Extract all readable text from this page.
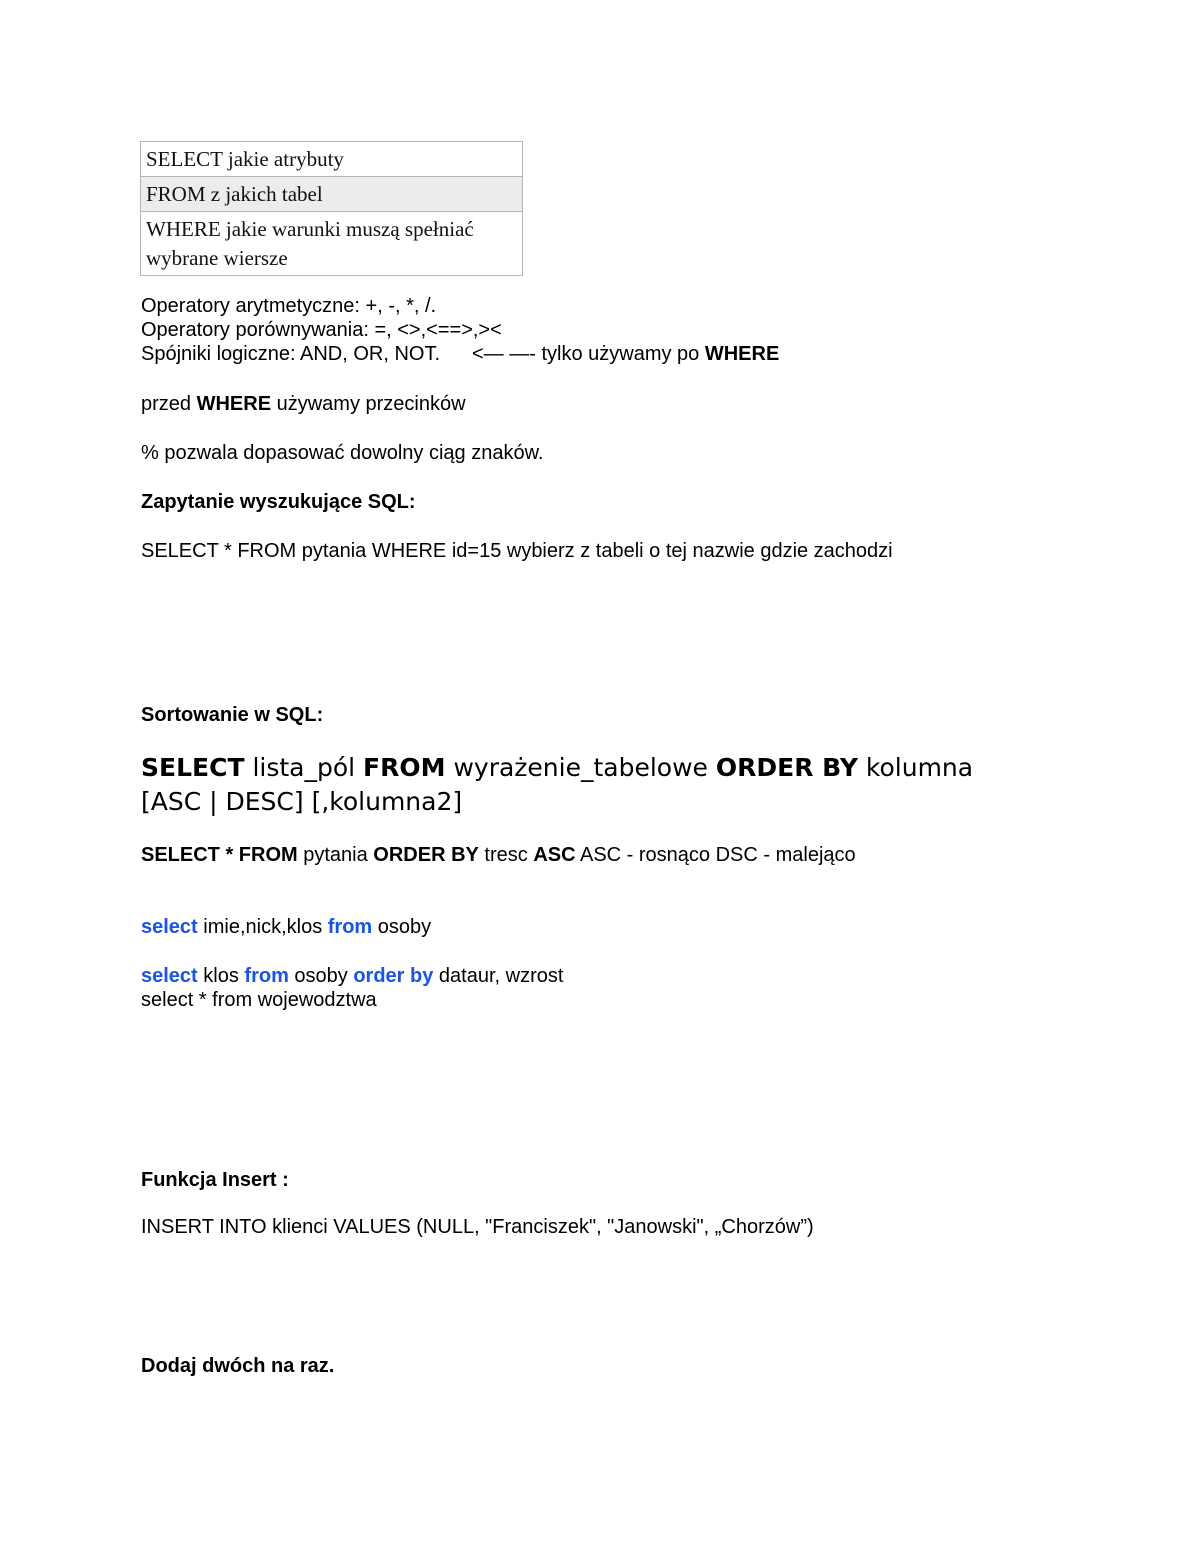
SELECT jakie atrybuty
FROM z jakich tabel
WHERE jakie warunki muszą spełniać wybrane wiersze
Operatory arytmetyczne: +, -, *, /.
Operatory porównywania: =, <>,<==>,><
Spójniki logiczne: AND, OR, NOT. <— —- tylko używamy po WHERE
przed WHERE używamy przecinków
% pozwala dopasować dowolny ciąg znaków.
Zapytanie wyszukujące SQL:
SELECT * FROM pytania WHERE id=15 wybierz z tabeli o tej nazwie gdzie zachodzi
Sortowanie w SQL:
SELECT lista_pól FROM wyrażenie_tabelowe ORDER BY kolumna [ASC | DESC] [,kolumna2]
SELECT * FROM pytania ORDER BY tresc ASC ASC - rosnąco DSC - malejąco
select imie,nick,klos from osoby
select klos from osoby order by dataur, wzrost
select * from wojewodztwa
Funkcja Insert :
INSERT INTO klienci VALUES (NULL, "Franciszek", "Janowski", „Chorzów”)
Dodaj dwóch na raz.
